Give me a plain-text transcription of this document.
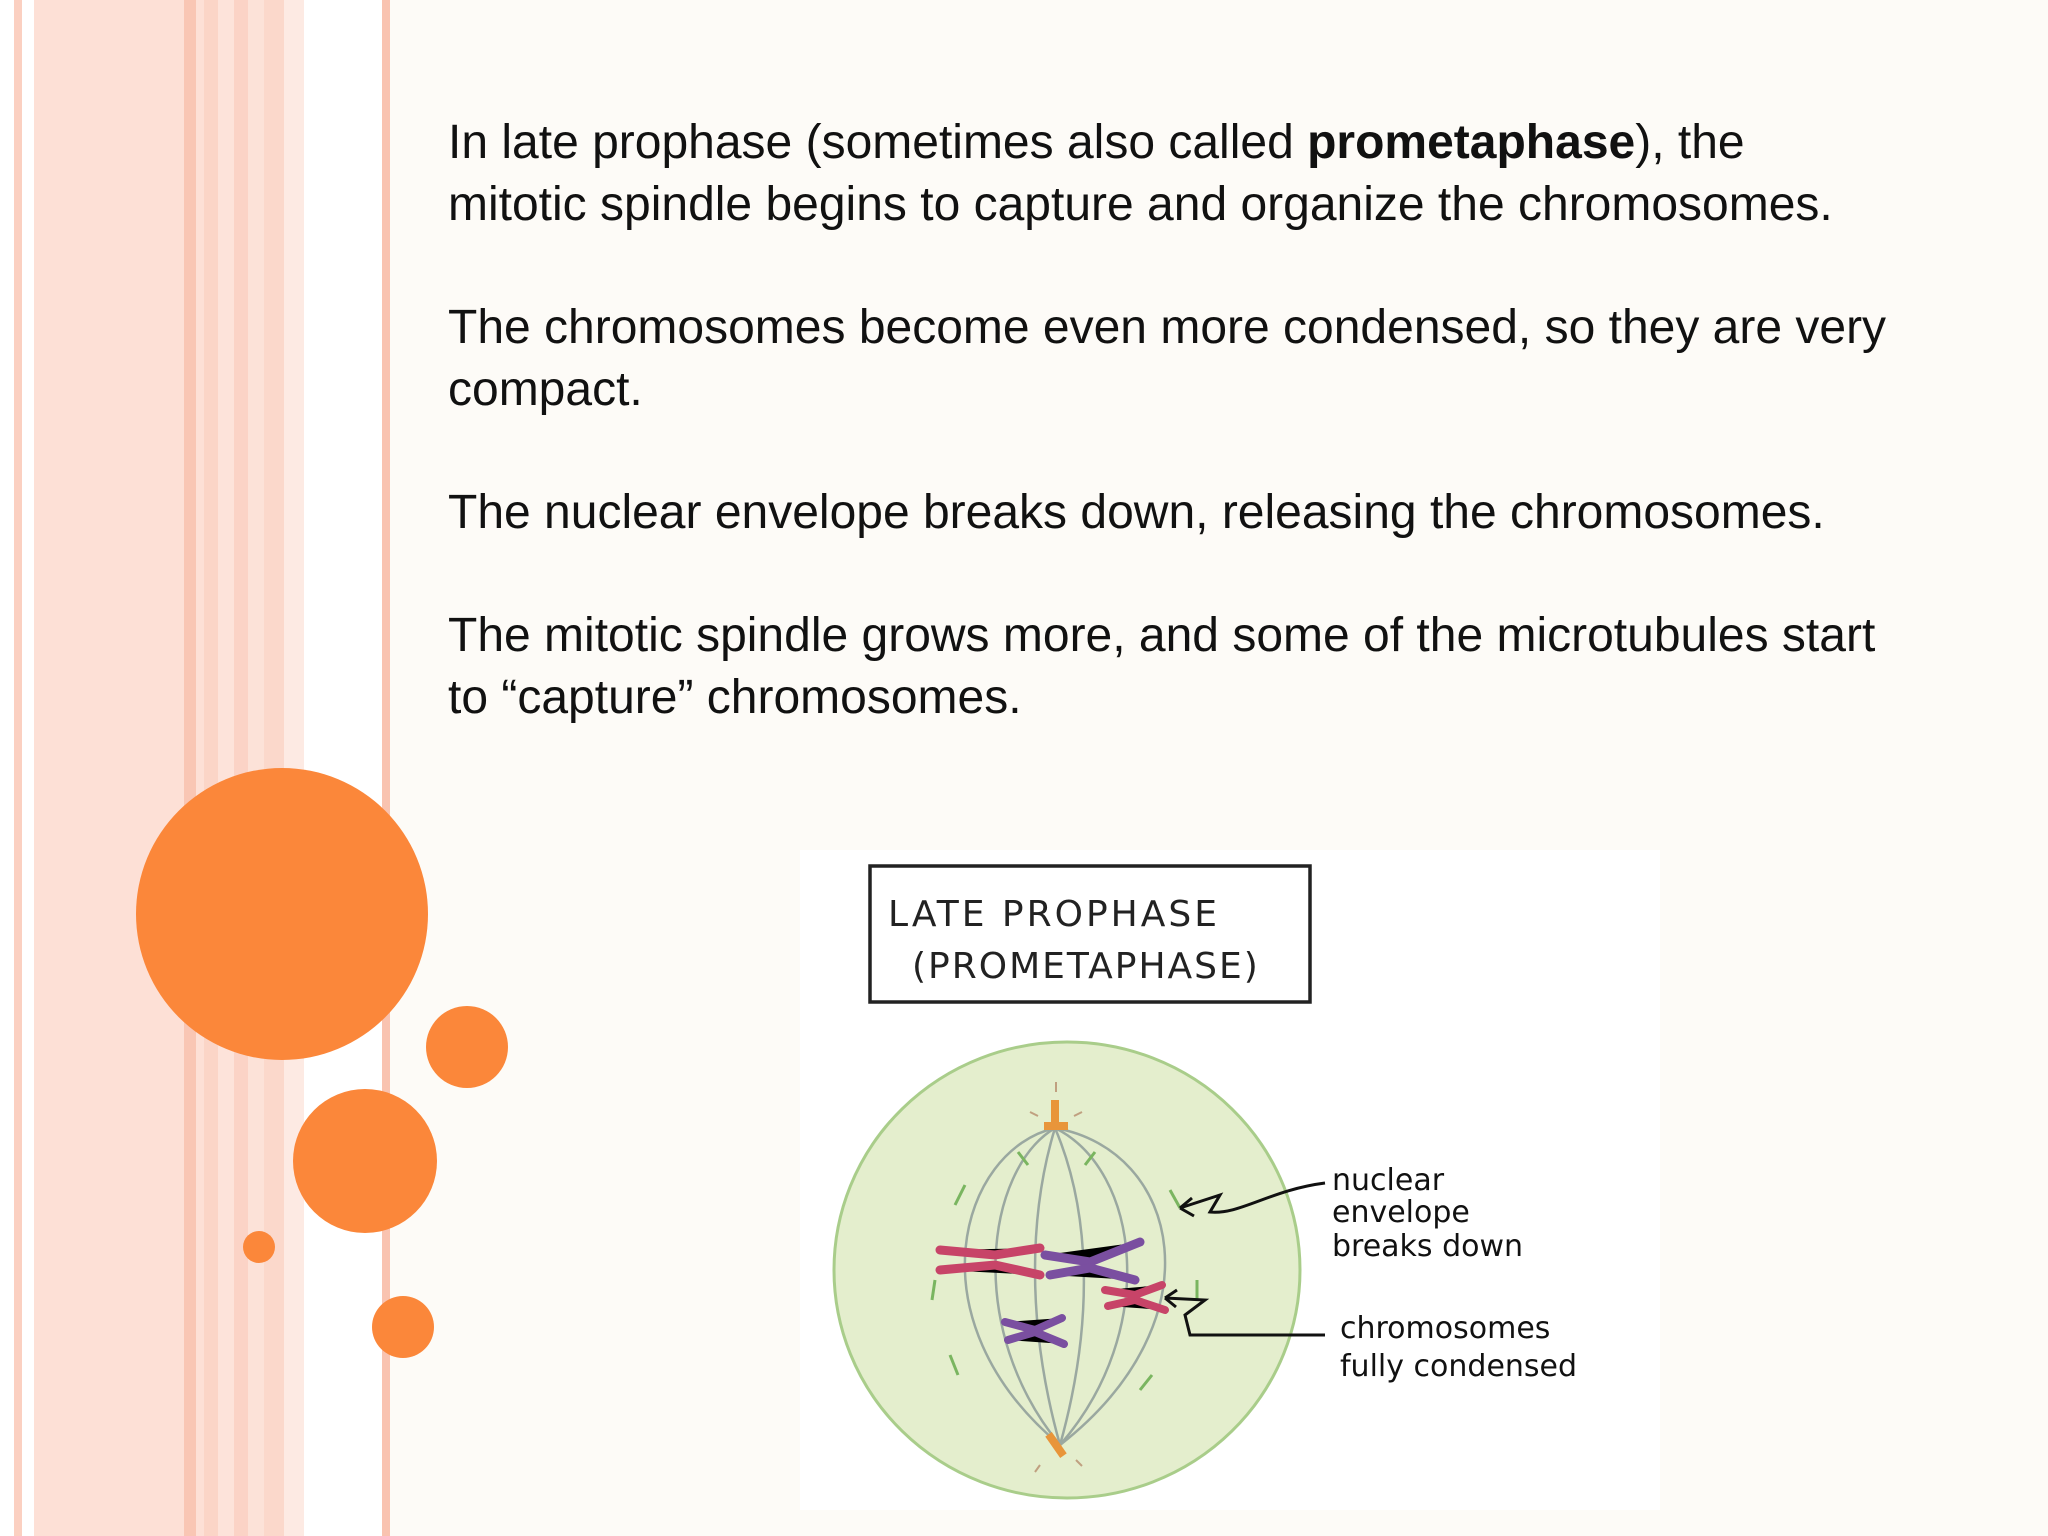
In late prophase (sometimes also called prometaphase), the mitotic spindle begins to capture and organize the chromosomes.

The chromosomes become even more condensed, so they are very compact.

The nuclear envelope breaks down, releasing the chromosomes.

The mitotic spindle grows more, and some of the microtubules start to “capture” chromosomes.

LATE PROPHASE
(PROMETAPHASE)
nuclear
envelope
breaks down
chromosomes
fully condensed
